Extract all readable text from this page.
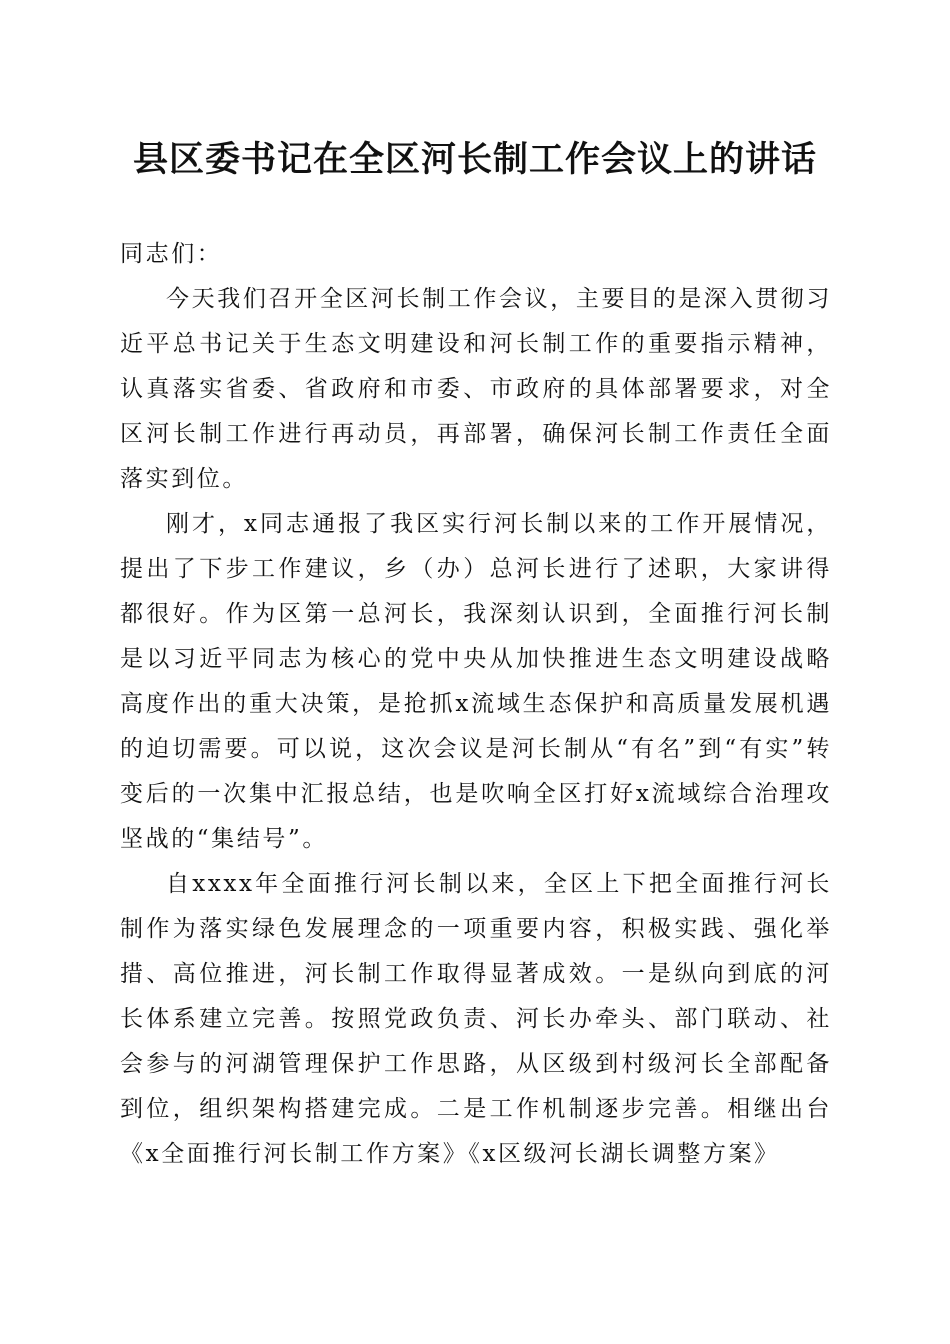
县区委书记在全区河长制工作会议上的讲话

同志们：

今天我们召开全区河长制工作会议，主要目的是深入贯彻习近平总书记关于生态文明建设和河长制工作的重要指示精神，认真落实省委、省政府和市委、市政府的具体部署要求，对全区河长制工作进行再动员，再部署，确保河长制工作责任全面落实到位。

刚才，x同志通报了我区实行河长制以来的工作开展情况，提出了下步工作建议，乡（办）总河长进行了述职，大家讲得都很好。作为区第一总河长，我深刻认识到，全面推行河长制是以习近平同志为核心的党中央从加快推进生态文明建设战略高度作出的重大决策，是抢抓x流域生态保护和高质量发展机遇的迫切需要。可以说，这次会议是河长制从“有名”到“有实”转变后的一次集中汇报总结，也是吹响全区打好x流域综合治理攻坚战的“集结号”。

自xxxx年全面推行河长制以来，全区上下把全面推行河长制作为落实绿色发展理念的一项重要内容，积极实践、强化举措、高位推进，河长制工作取得显著成效。一是纵向到底的河长体系建立完善。按照党政负责、河长办牵头、部门联动、社会参与的河湖管理保护工作思路，从区级到村级河长全部配备到位，组织架构搭建完成。二是工作机制逐步完善。相继出台《x全面推行河长制工作方案》《x区级河长湖长调整方案》
